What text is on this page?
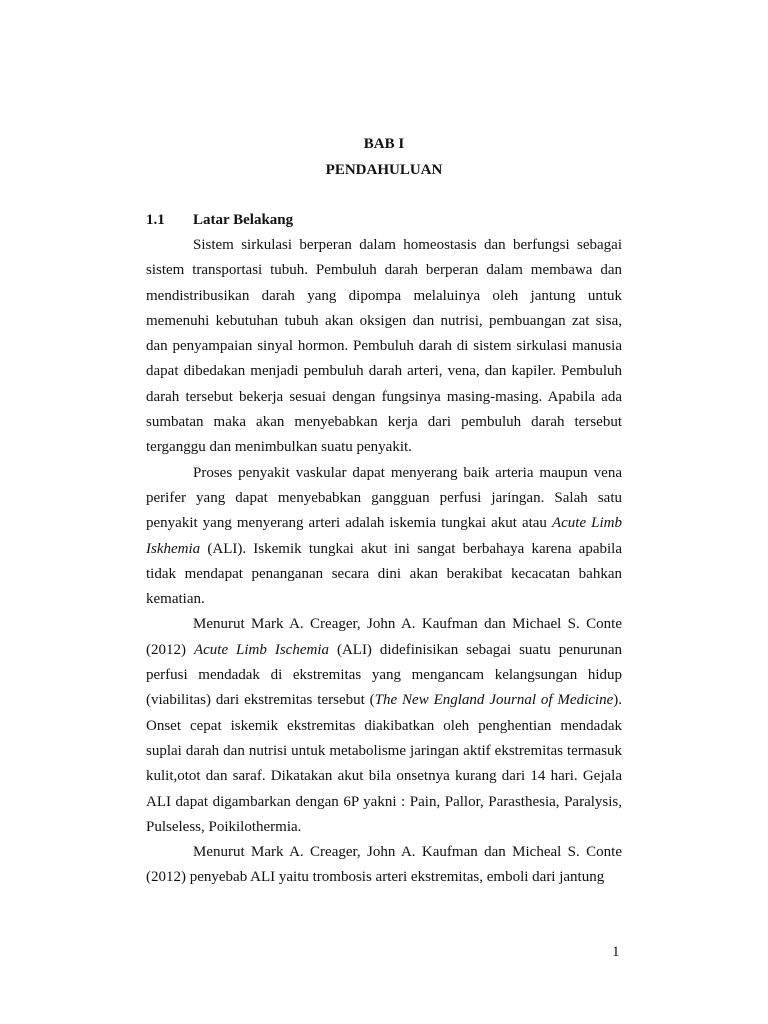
BAB I
PENDAHULUAN
1.1 Latar Belakang

Sistem sirkulasi berperan dalam homeostasis dan berfungsi sebagai sistem transportasi tubuh. Pembuluh darah berperan dalam membawa dan mendistribusikan darah yang dipompa melaluinya oleh jantung untuk memenuhi kebutuhan tubuh akan oksigen dan nutrisi, pembuangan zat sisa, dan penyampaian sinyal hormon. Pembuluh darah di sistem sirkulasi manusia dapat dibedakan menjadi pembuluh darah arteri, vena, dan kapiler. Pembuluh darah tersebut bekerja sesuai dengan fungsinya masing-masing. Apabila ada sumbatan maka akan menyebabkan kerja dari pembuluh darah tersebut terganggu dan menimbulkan suatu penyakit.

Proses penyakit vaskular dapat menyerang baik arteria maupun vena perifer yang dapat menyebabkan gangguan perfusi jaringan. Salah satu penyakit yang menyerang arteri adalah iskemia tungkai akut atau Acute Limb Iskhemia (ALI). Iskemik tungkai akut ini sangat berbahaya karena apabila tidak mendapat penanganan secara dini akan berakibat kecacatan bahkan kematian.

Menurut Mark A. Creager, John A. Kaufman dan Michael S. Conte (2012) Acute Limb Ischemia (ALI) didefinisikan sebagai suatu penurunan perfusi mendadak di ekstremitas yang mengancam kelangsungan hidup (viabilitas) dari ekstremitas tersebut (The New England Journal of Medicine). Onset cepat iskemik ekstremitas diakibatkan oleh penghentian mendadak suplai darah dan nutrisi untuk metabolisme jaringan aktif ekstremitas termasuk kulit,otot dan saraf. Dikatakan akut bila onsetnya kurang dari 14 hari. Gejala ALI dapat digambarkan dengan 6P yakni : Pain, Pallor, Parasthesia, Paralysis, Pulseless, Poikilothermia.

Menurut Mark A. Creager, John A. Kaufman dan Micheal S. Conte (2012) penyebab ALI yaitu trombosis arteri ekstremitas, emboli dari jantung

1
